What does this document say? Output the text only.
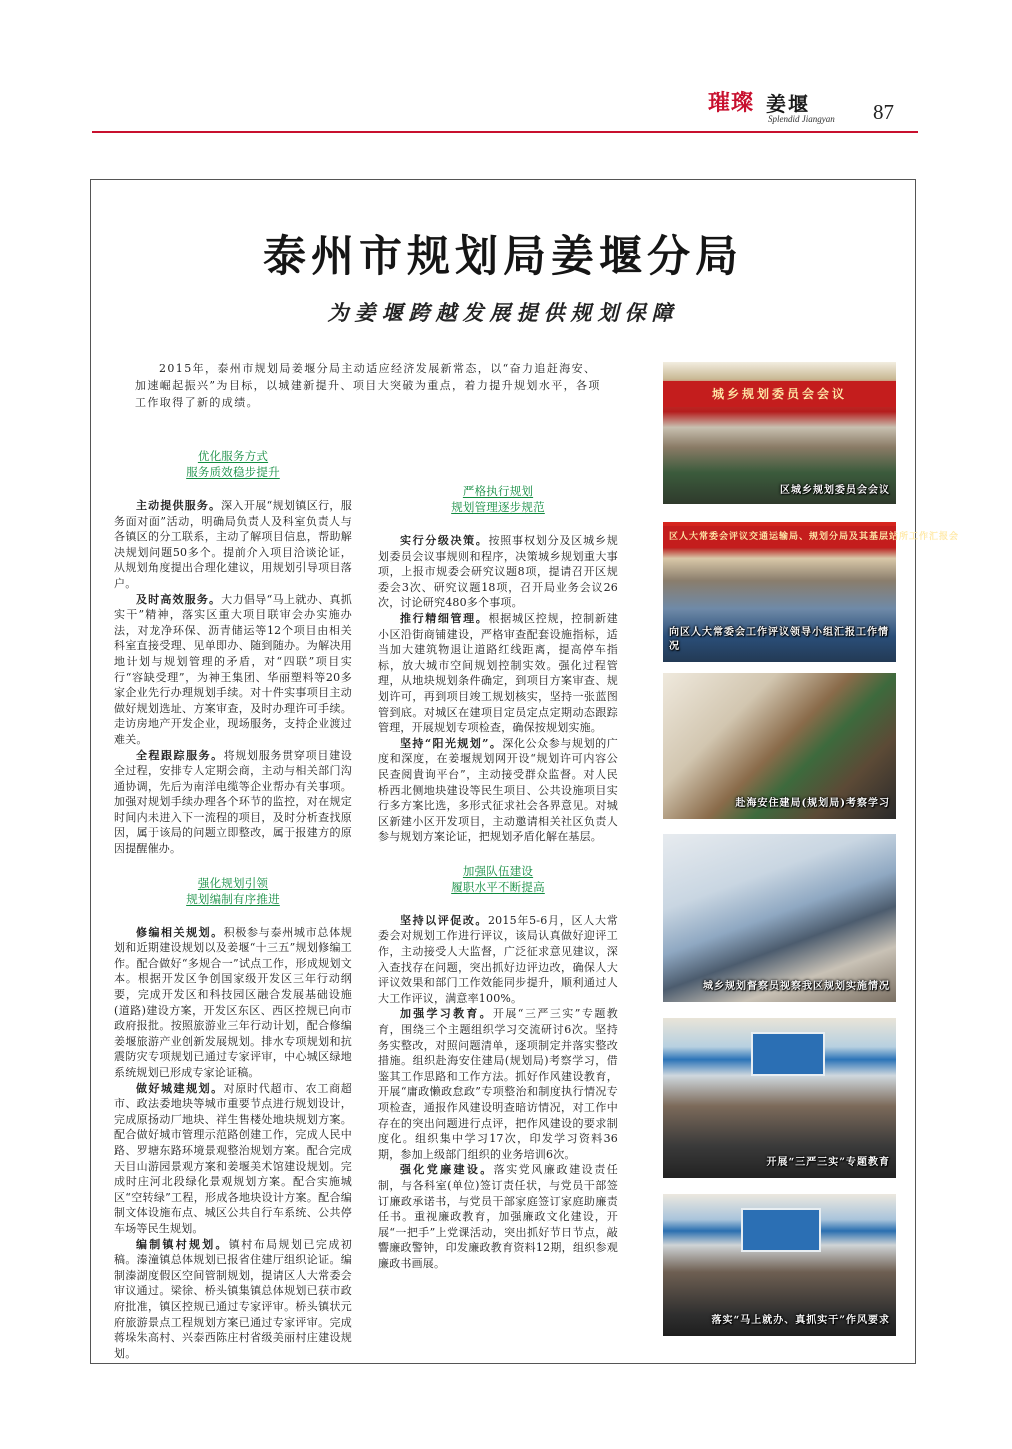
璀璨 姜堰
Splendid Jiangyan 87
泰州市规划局姜堰分局
为姜堰跨越发展提供规划保障
2015年，泰州市规划局姜堰分局主动适应经济发展新常态，以“奋力追赶海安、加速崛起振兴”为目标，以城建新提升、项目大突破为重点，着力提升规划水平，各项工作取得了新的成绩。
优化服务方式
服务质效稳步提升

主动提供服务。深入开展“规划镇区行，服务面对面”活动，明确局负责人及科室负责人与各镇区的分工联系，主动了解项目信息，帮助解决规划问题50多个。提前介入项目洽谈论证，从规划角度提出合理化建议，用规划引导项目落户。

及时高效服务。大力倡导“马上就办、真抓实干”精神，落实区重大项目联审会办实施办法，对龙净环保、沥青储运等12个项目由相关科室直接受理、见单即办、随到随办。为解决用地计划与规划管理的矛盾，对“四联”项目实行“容缺受理”，为神王集团、华丽塑料等20多家企业先行办理规划手续。对十件实事项目主动做好规划选址、方案审查，及时办理许可手续。走访房地产开发企业，现场服务，支持企业渡过难关。

全程跟踪服务。将规划服务贯穿项目建设全过程，安排专人定期会商，主动与相关部门沟通协调，先后为南洋电缆等企业帮办有关事项。加强对规划手续办理各个环节的监控，对在规定时间内未进入下一流程的项目，及时分析查找原因，属于该局的问题立即整改，属于报建方的原因提醒催办。

强化规划引领
规划编制有序推进

修编相关规划。积极参与泰州城市总体规划和近期建设规划以及姜堰“十三五”规划修编工作。配合做好“多规合一”试点工作，形成规划文本。根据开发区争创国家级开发区三年行动纲要，完成开发区和科技园区融合发展基础设施(道路)建设方案，开发区东区、西区控规已向市政府报批。按照旅游业三年行动计划，配合修编姜堰旅游产业创新发展规划。排水专项规划和抗震防灾专项规划已通过专家评审，中心城区绿地系统规划已形成专家论证稿。

做好城建规划。对原时代超市、农工商超市、政法委地块等城市重要节点进行规划设计，完成原扬动厂地块、祥生售楼处地块规划方案。配合做好城市管理示范路创建工作，完成人民中路、罗塘东路环境景观整治规划方案。配合完成天目山游园景观方案和姜堰美术馆建设规划。完成时庄河北段绿化景观规划方案。配合实施城区“空转绿”工程，形成各地块设计方案。配合编制文体设施布点、城区公共自行车系统、公共停车场等民生规划。

编制镇村规划。镇村布局规划已完成初稿。溱潼镇总体规划已报省住建厅组织论证。编制溱湖度假区空间管制规划，提请区人大常委会审议通过。梁徐、桥头镇集镇总体规划已获市政府批准，镇区控规已通过专家评审。桥头镇状元府旅游景点工程规划方案已通过专家评审。完成蒋垛朱高村、兴泰西陈庄村省级美丽村庄建设规划。

严格执行规划
规划管理逐步规范

实行分级决策。按照事权划分及区城乡规划委员会议事规则和程序，决策城乡规划重大事项，上报市规委会研究议题8项，提请召开区规委会3次、研究议题18项，召开局业务会议26次，讨论研究480多个事项。

推行精细管理。根据城区控规，控制新建小区沿街商铺建设，严格审查配套设施指标，适当加大建筑物退让道路红线距离，提高停车指标，放大城市空间规划控制实效。强化过程管理，从地块规划条件确定，到项目方案审查、规划许可，再到项目竣工规划核实，坚持一张蓝图管到底。对城区在建项目定员定点定期动态跟踪管理，开展规划专项检查，确保按规划实施。

坚持“阳光规划”。深化公众参与规划的广度和深度，在姜堰规划网开设“规划许可内容公民查阅貴询平台”，主动接受群众监督。对人民桥西北侧地块建设等民生项目、公共设施项目实行多方案比选，多形式征求社会各界意见。对城区新建小区开发项目，主动邀请相关社区负责人参与规划方案论证，把规划矛盾化解在基层。

加强队伍建设
履职水平不断提高

坚持以评促改。2015年5-6月，区人大常委会对规划工作进行评议，该局认真做好迎评工作，主动接受人大监督，广泛征求意见建议，深入查找存在问题，突出抓好边评边改，确保人大评议效果和部门工作效能同步提升，顺利通过人大工作评议，满意率100%。

加强学习教育。开展“三严三实”专题教育，围绕三个主题组织学习交流研讨6次。坚持务实整改，对照问题清单，逐项制定并落实整改措施。组织赴海安住建局(规划局)考察学习，借鉴其工作思路和工作方法。抓好作风建设教育，开展“庸政懒政怠政”专项整治和制度执行情况专项检查，通报作风建设明查暗访情况，对工作中存在的突出问题进行点评，把作风建设的要求制度化。组织集中学习17次，印发学习资料36期，参加上级部门组织的业务培训6次。

强化党廉建设。落实党风廉政建设责任制，与各科室(单位)签订责任状，与党员干部签订廉政承诺书，与党员干部家庭签订家庭助廉责任书。重视廉政教育，加强廉政文化建设，开展“一把手”上党课活动，突出抓好节日节点，敲響廉政警钟，印发廉政教育资料12期，组织参观廉政书画展。

城乡规划委员会会议
区城乡规划委员会会议
区人大常委会评议交通运输局、规划分局及其基层站所工作汇报会
向区人大常委会工作评议领导小组汇报工作情况
赴海安住建局(规划局)考察学习
城乡规划督察员视察我区规划实施情况
开展“三严三实”专题教育
落实“马上就办、真抓实干”作风要求
